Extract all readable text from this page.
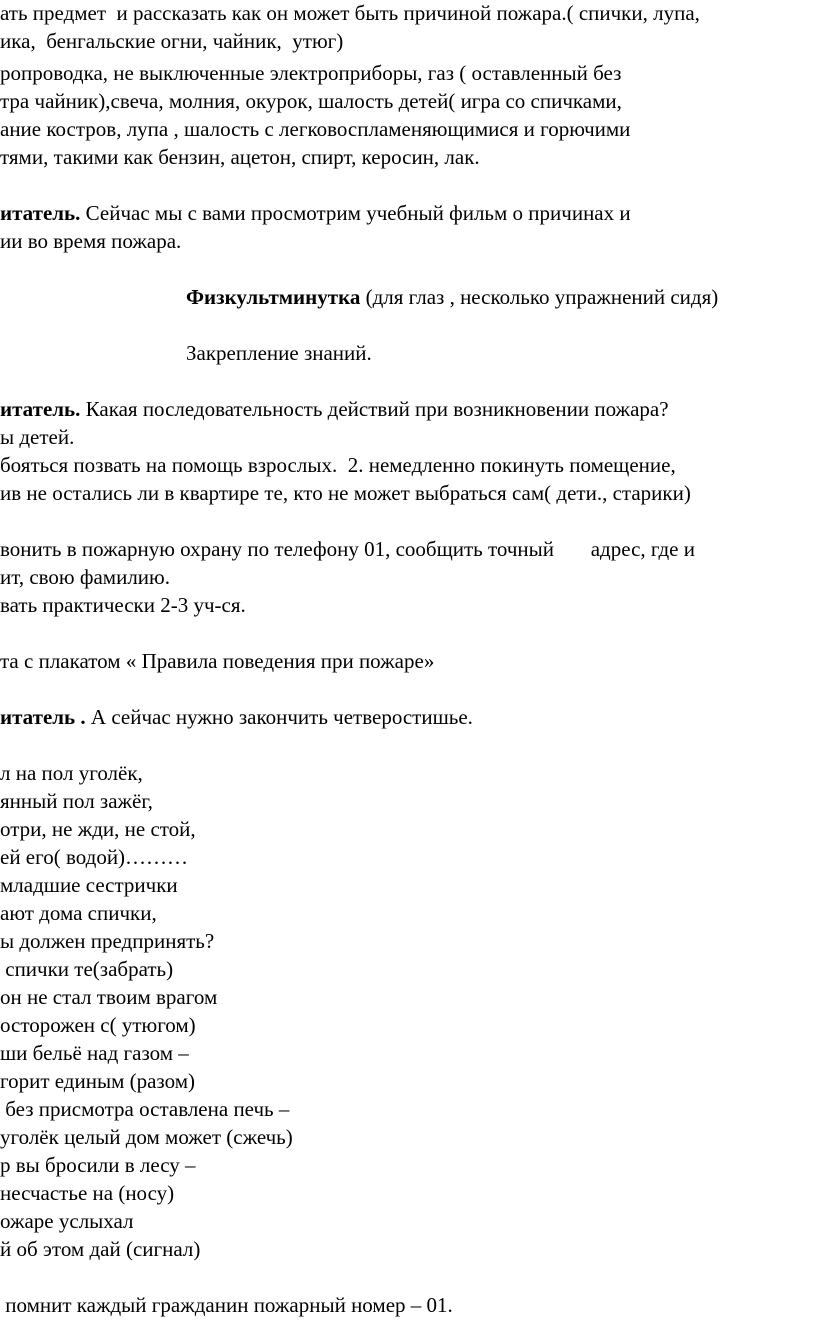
ать предмет  и рассказать как он может быть причиной пожара.( спички, лупа,
ика,  бенгальские огни, чайник,  утюг)
ропроводка, не выключенные электроприборы, газ ( оставленный без
тра чайник),свеча, молния, окурок, шалость детей( игра со спичками,
ание костров, лупа , шалость с легковоспламеняющимися и горючими
тями, такими как бензин, ацетон, спирт, керосин, лак.
итатель. Сейчас мы с вами просмотрим учебный фильм о причинах и
ии во время пожара.
Физкультминутка (для глаз , несколько упражнений сидя)
Закрепление знаний.
итатель. Какая последовательность действий при возникновении пожара?
ы детей.
бояться позвать на помощь взрослых.  2. немедленно покинуть помещение,
ив не остались ли в квартире те, кто не может выбраться сам( дети., старики)
вонить в пожарную охрану по телефону 01, сообщить точный       адрес, где и
ит, свою фамилию.
вать практически 2-3 уч-ся.
та с плакатом « Правила поведения при пожаре»
итатель . А сейчас нужно закончить четверостишье.
л на пол уголёк,
янный пол зажёг,
отри, не жди, не стой,
ей его( водой)………
младшие сестрички
ают дома спички,
ы должен предпринять?
спички те(забрать)
он не стал твоим врагом
осторожен с( утюгом)
ши бельё над газом –
горит единым (разом)
без присмотра оставлена печь –
уголёк целый дом может (сжечь)
р вы бросили в лесу –
несчастье на (носу)
ожаре услыхал
й об этом дай (сигнал)
помнит каждый гражданин пожарный номер – 01.
